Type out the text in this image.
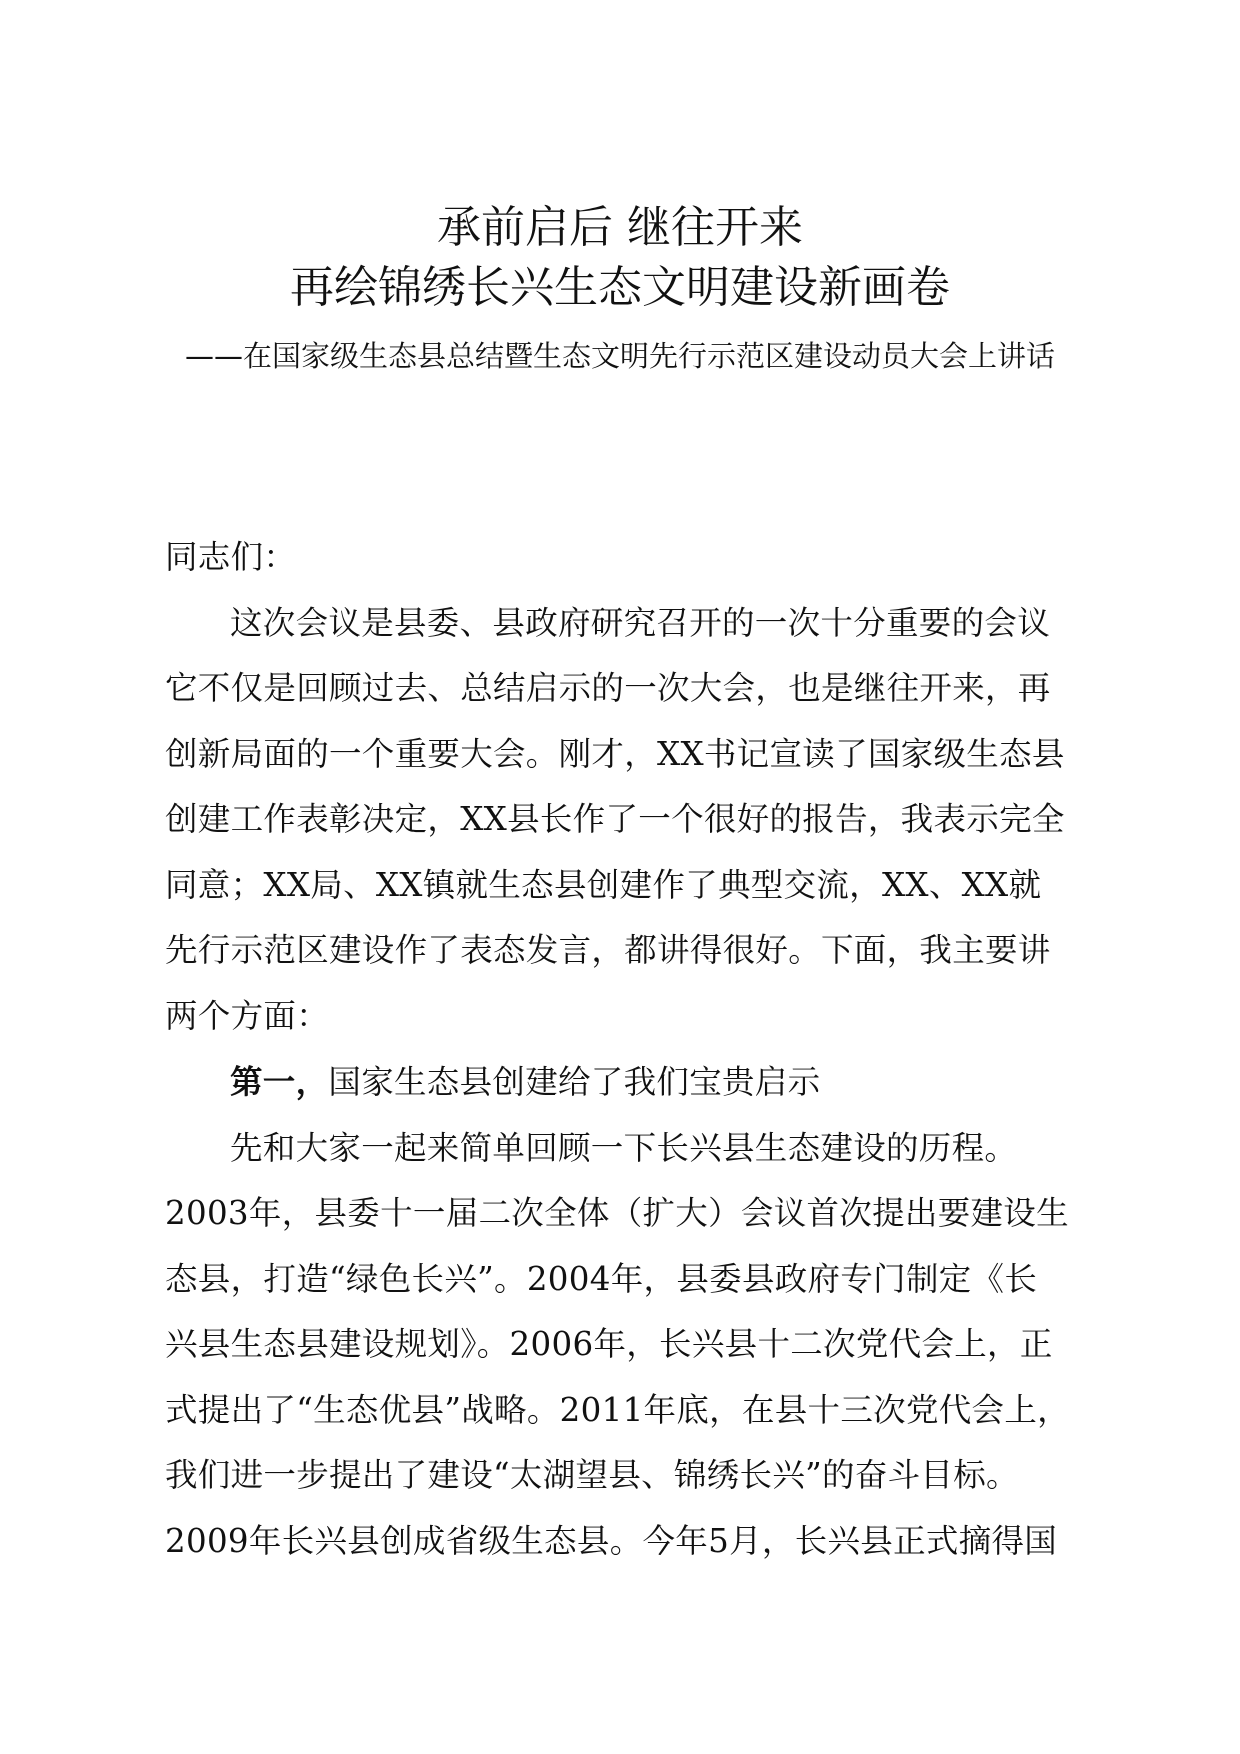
承前启后 继往开来
再绘锦绣长兴生态文明建设新画卷
——在国家级生态县总结暨生态文明先行示范区建设动员大会上讲话

同志们：

这次会议是县委、县政府研究召开的一次十分重要的会议
它不仅是回顾过去、总结启示的一次大会，也是继往开来，再
创新局面的一个重要大会。刚才，XX书记宣读了国家级生态县
创建工作表彰决定，XX县长作了一个很好的报告，我表示完全
同意；XX局、XX镇就生态县创建作了典型交流，XX、XX就
先行示范区建设作了表态发言，都讲得很好。下面，我主要讲
两个方面：

第一，国家生态县创建给了我们宝贵启示

先和大家一起来简单回顾一下长兴县生态建设的历程。
2003年，县委十一届二次全体（扩大）会议首次提出要建设生
态县，打造“绿色长兴”。2004年，县委县政府专门制定《长
兴县生态县建设规划》。2006年，长兴县十二次党代会上，正
式提出了“生态优县”战略。2011年底，在县十三次党代会上，
我们进一步提出了建设“太湖望县、锦绣长兴”的奋斗目标。
2009年长兴县创成省级生态县。今年5月，长兴县正式摘得国
